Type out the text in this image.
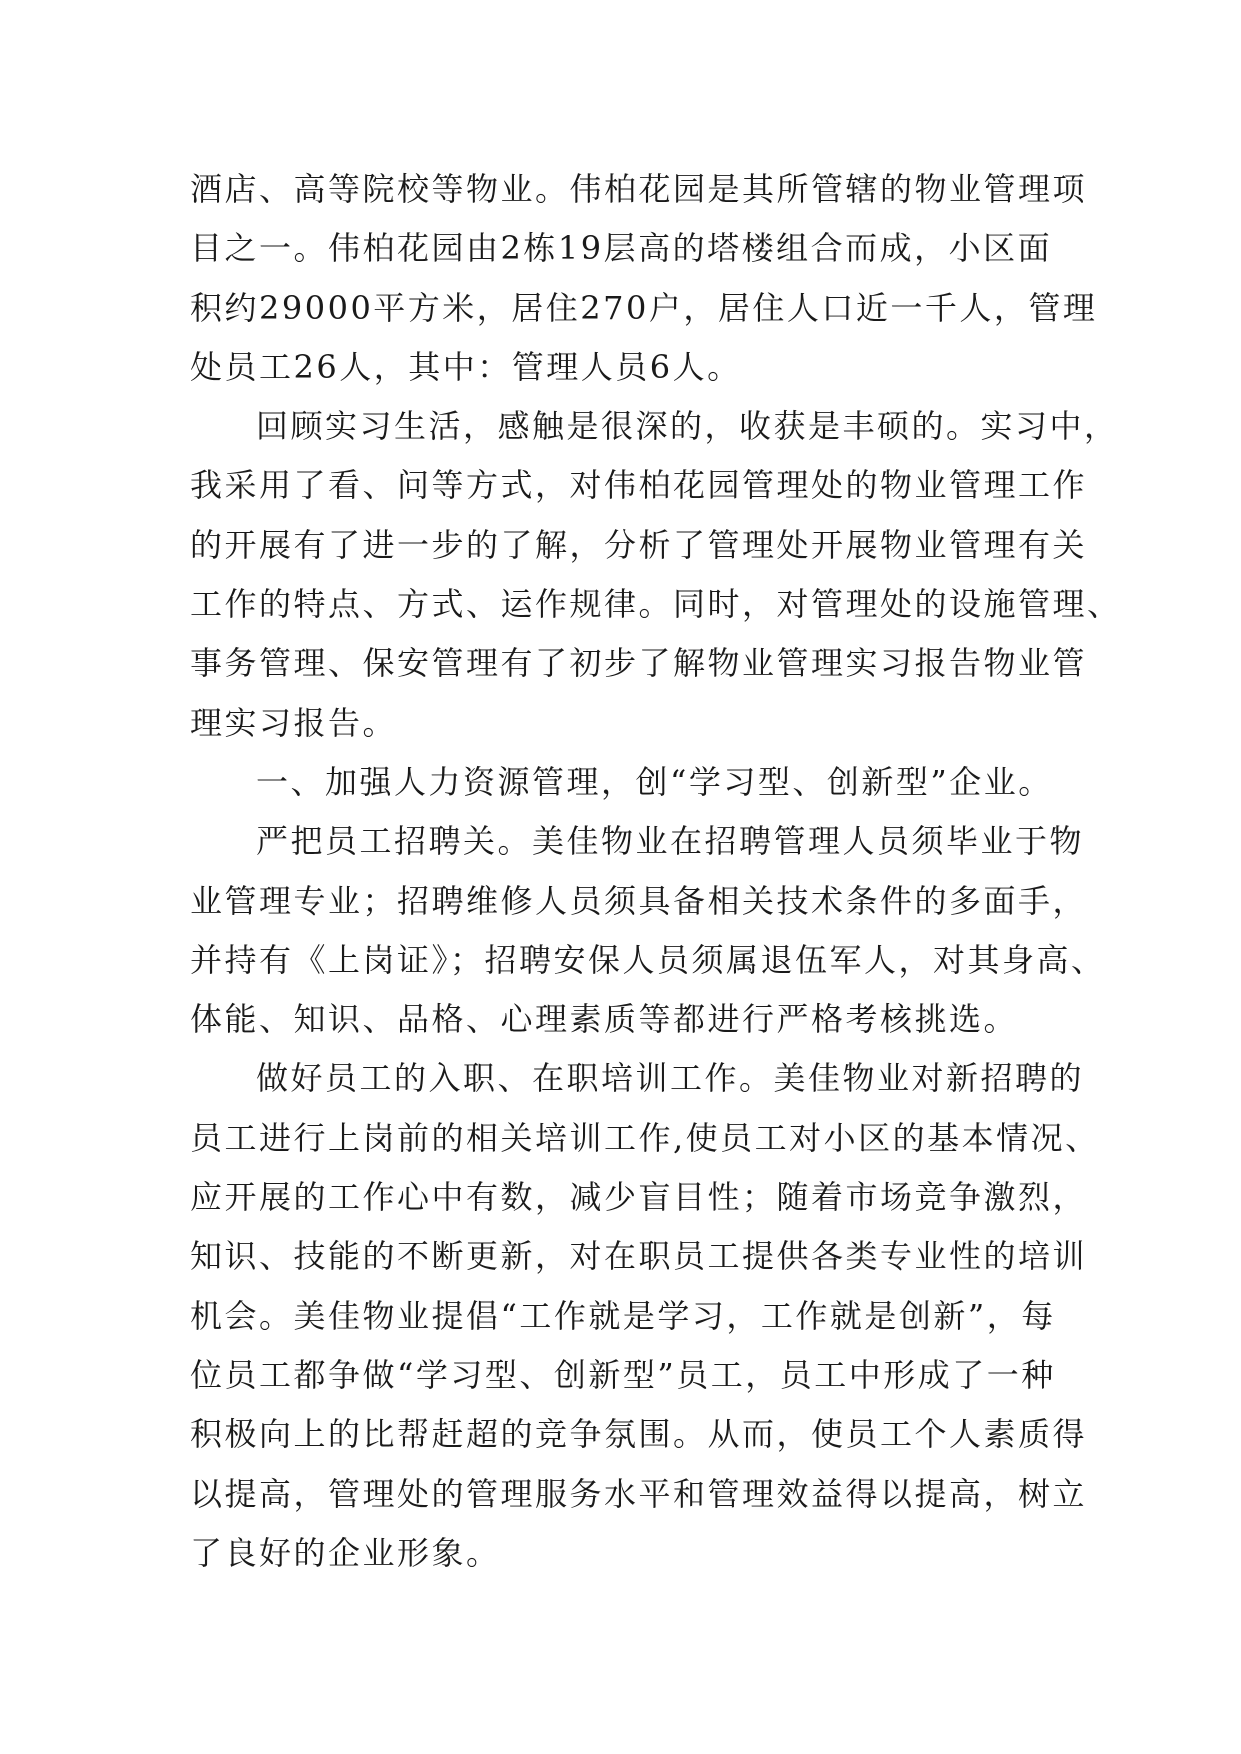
酒店、高等院校等物业。伟柏花园是其所管辖的物业管理项

目之一。伟柏花园由2栋19层高的塔楼组合而成，小区面

积约29000平方米，居住270户，居住人口近一千人，管理

处员工26人，其中：管理人员6人。

回顾实习生活，感触是很深的，收获是丰硕的。实习中，

我采用了看、问等方式，对伟柏花园管理处的物业管理工作

的开展有了进一步的了解，分析了管理处开展物业管理有关

工作的特点、方式、运作规律。同时，对管理处的设施管理、

事务管理、保安管理有了初步了解物业管理实习报告物业管

理实习报告。

一、加强人力资源管理，创“学习型、创新型”企业。

严把员工招聘关。美佳物业在招聘管理人员须毕业于物

业管理专业；招聘维修人员须具备相关技术条件的多面手，

并持有《上岗证》；招聘安保人员须属退伍军人，对其身高、

体能、知识、品格、心理素质等都进行严格考核挑选。

做好员工的入职、在职培训工作。美佳物业对新招聘的

员工进行上岗前的相关培训工作,使员工对小区的基本情况、

应开展的工作心中有数，减少盲目性；随着市场竞争激烈，

知识、技能的不断更新，对在职员工提供各类专业性的培训

机会。美佳物业提倡“工作就是学习，工作就是创新”，每

位员工都争做“学习型、创新型”员工，员工中形成了一种

积极向上的比帮赶超的竞争氛围。从而，使员工个人素质得

以提高，管理处的管理服务水平和管理效益得以提高，树立

了良好的企业形象。
